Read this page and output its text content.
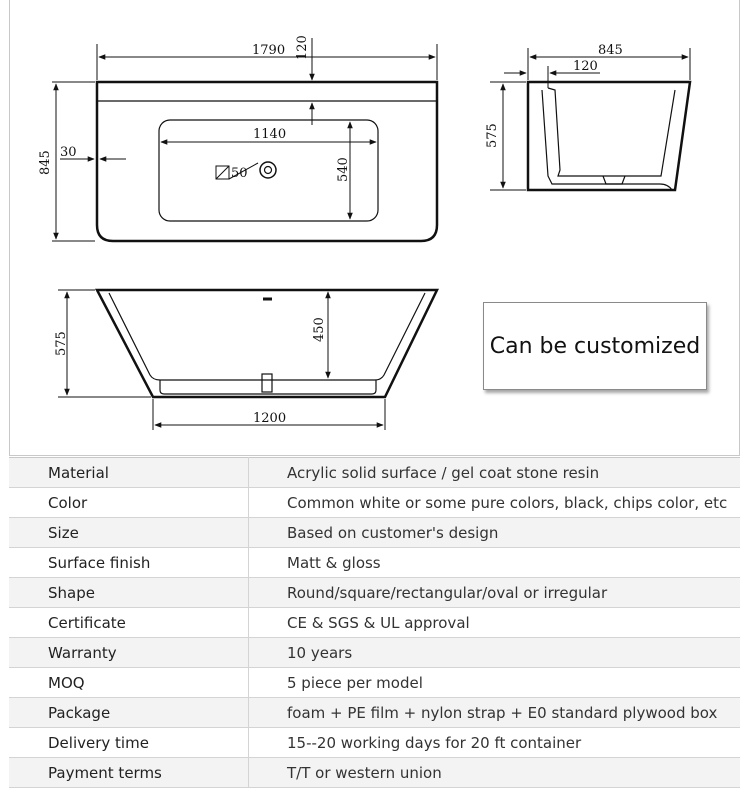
1790 120
1140
845 30
540
50
845
120
575
575
450
1200
Can be customized
Material	Acrylic solid surface / gel coat stone resin
Color	Common white or some pure colors, black, chips color, etc
Size	Based on customer's design
Surface finish	Matt & gloss
Shape	Round/square/rectangular/oval or irregular
Certificate	CE & SGS & UL approval
Warranty	10 years
MOQ	5 piece per model
Package	foam + PE film + nylon strap + E0 standard plywood box
Delivery time	15--20 working days for 20 ft container
Payment terms	T/T or western union
